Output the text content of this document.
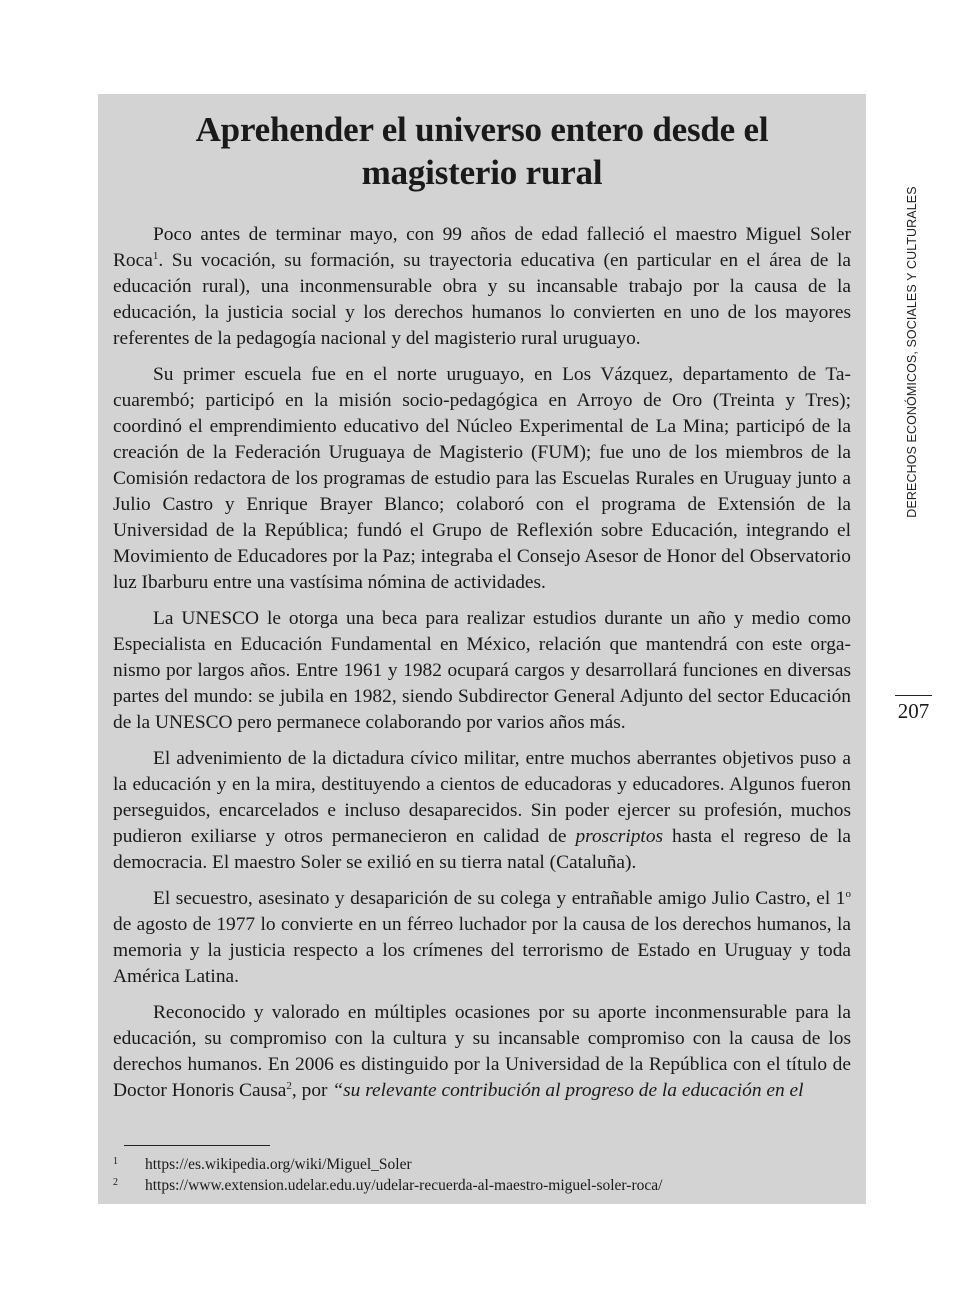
Aprehender el universo entero desde el magisterio rural

Poco antes de terminar mayo, con 99 años de edad falleció el maestro Miguel Soler Roca$^1$. Su vocación, su formación, su trayectoria educativa (en particular en el área de la educación rural), una inconmensurable obra y su incansable trabajo por la causa de la educación, la justicia social y los derechos humanos lo convierten en uno de los mayores referentes de la pedagogía nacional y del magisterio rural uruguayo.

Su primer escuela fue en el norte uruguayo, en Los Vázquez, departamento de Tacuarembó; participó en la misión socio-pedagógica en Arroyo de Oro (Treinta y Tres); coordinó el emprendimiento educativo del Núcleo Experimental de La Mina; participó de la creación de la Federación Uruguaya de Magisterio (FUM); fue uno de los miembros de la Comisión redactora de los programas de estudio para las Escuelas Rurales en Uruguay junto a Julio Castro y Enrique Brayer Blanco; colaboró con el programa de Extensión de la Universidad de la República; fundó el Grupo de Reflexión sobre Educación, integrando el Movimiento de Educadores por la Paz; integraba el Consejo Asesor de Honor del Observatorio luz Ibarburu entre una vastísima nómina de actividades.

La UNESCO le otorga una beca para realizar estudios durante un año y medio como Especialista en Educación Fundamental en México, relación que mantendrá con este organismo por largos años. Entre 1961 y 1982 ocupará cargos y desarrollará funciones en diversas partes del mundo: se jubila en 1982, siendo Subdirector General Adjunto del sector Educación de la UNESCO pero permanece colaborando por varios años más.

El advenimiento de la dictadura cívico militar, entre muchos aberrantes objetivos puso a la educación y en la mira, destituyendo a cientos de educadoras y educadores. Algunos fueron perseguidos, encarcelados e incluso desaparecidos. Sin poder ejercer su profesión, muchos pudieron exiliarse y otros permanecieron en calidad de proscriptos hasta el regreso de la democracia. El maestro Soler se exilió en su tierra natal (Cataluña).

El secuestro, asesinato y desaparición de su colega y entrañable amigo Julio Castro, el 1$^o$ de agosto de 1977 lo convierte en un férreo luchador por la causa de los derechos humanos, la memoria y la justicia respecto a los crímenes del terrorismo de Estado en Uruguay y toda América Latina.

Reconocido y valorado en múltiples ocasiones por su aporte inconmensurable para la educación, su compromiso con la cultura y su incansable compromiso con la causa de los derechos humanos. En 2006 es distinguido por la Universidad de la República con el título de Doctor Honoris Causa$^2$, por “su relevante contribución al progreso de la educación en el

1 https://es.wikipedia.org/wiki/Miguel_Soler
2 https://www.extension.udelar.edu.uy/udelar-recuerda-al-maestro-miguel-soler-roca/
DERECHOS ECONÓMICOS, SOCIALES Y CULTURALES
207
